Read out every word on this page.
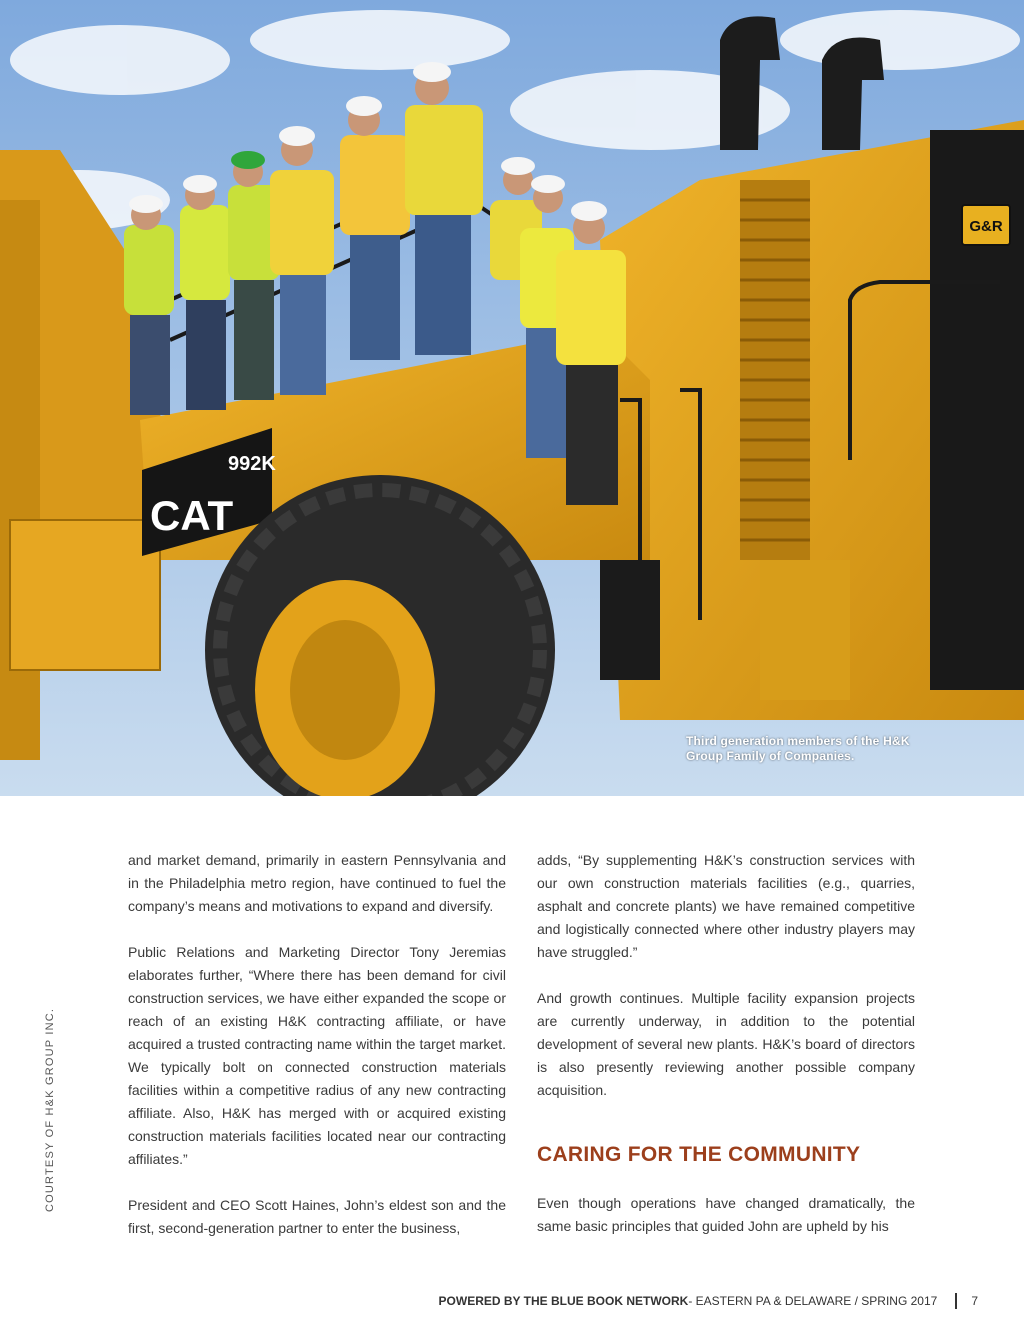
G&R
CAT
992K
Third generation members of the H&K Group Family of Companies.
COURTESY OF H&K GROUP INC.

and market demand, primarily in eastern Pennsylvania and in the Philadelphia metro region, have continued to fuel the company’s means and motivations to expand and diversify.

Public Relations and Marketing Director Tony Jeremias elaborates further, “Where there has been demand for civil construction services, we have either expanded the scope or reach of an existing H&K contracting affiliate, or have acquired a trusted contracting name within the target market. We typically bolt on connected construction materials facilities within a competitive radius of any new contracting affiliate. Also, H&K has merged with or acquired existing construction materials facilities located near our contracting affiliates.”

President and CEO Scott Haines, John’s eldest son and the first, second-generation partner to enter the business,

adds, “By supplementing H&K’s construction services with our own construction materials facilities (e.g., quarries, asphalt and concrete plants) we have remained competitive and logistically connected where other industry players may have struggled.”

And growth continues. Multiple facility expansion projects are currently underway, in addition to the potential development of several new plants. H&K’s board of directors is also presently reviewing another possible company acquisition.

CARING FOR THE COMMUNITY

Even though operations have changed dramatically, the same basic principles that guided John are upheld by his

POWERED BY THE BLUE BOOK NETWORK - EASTERN PA & DELAWARE / SPRING 2017	7
